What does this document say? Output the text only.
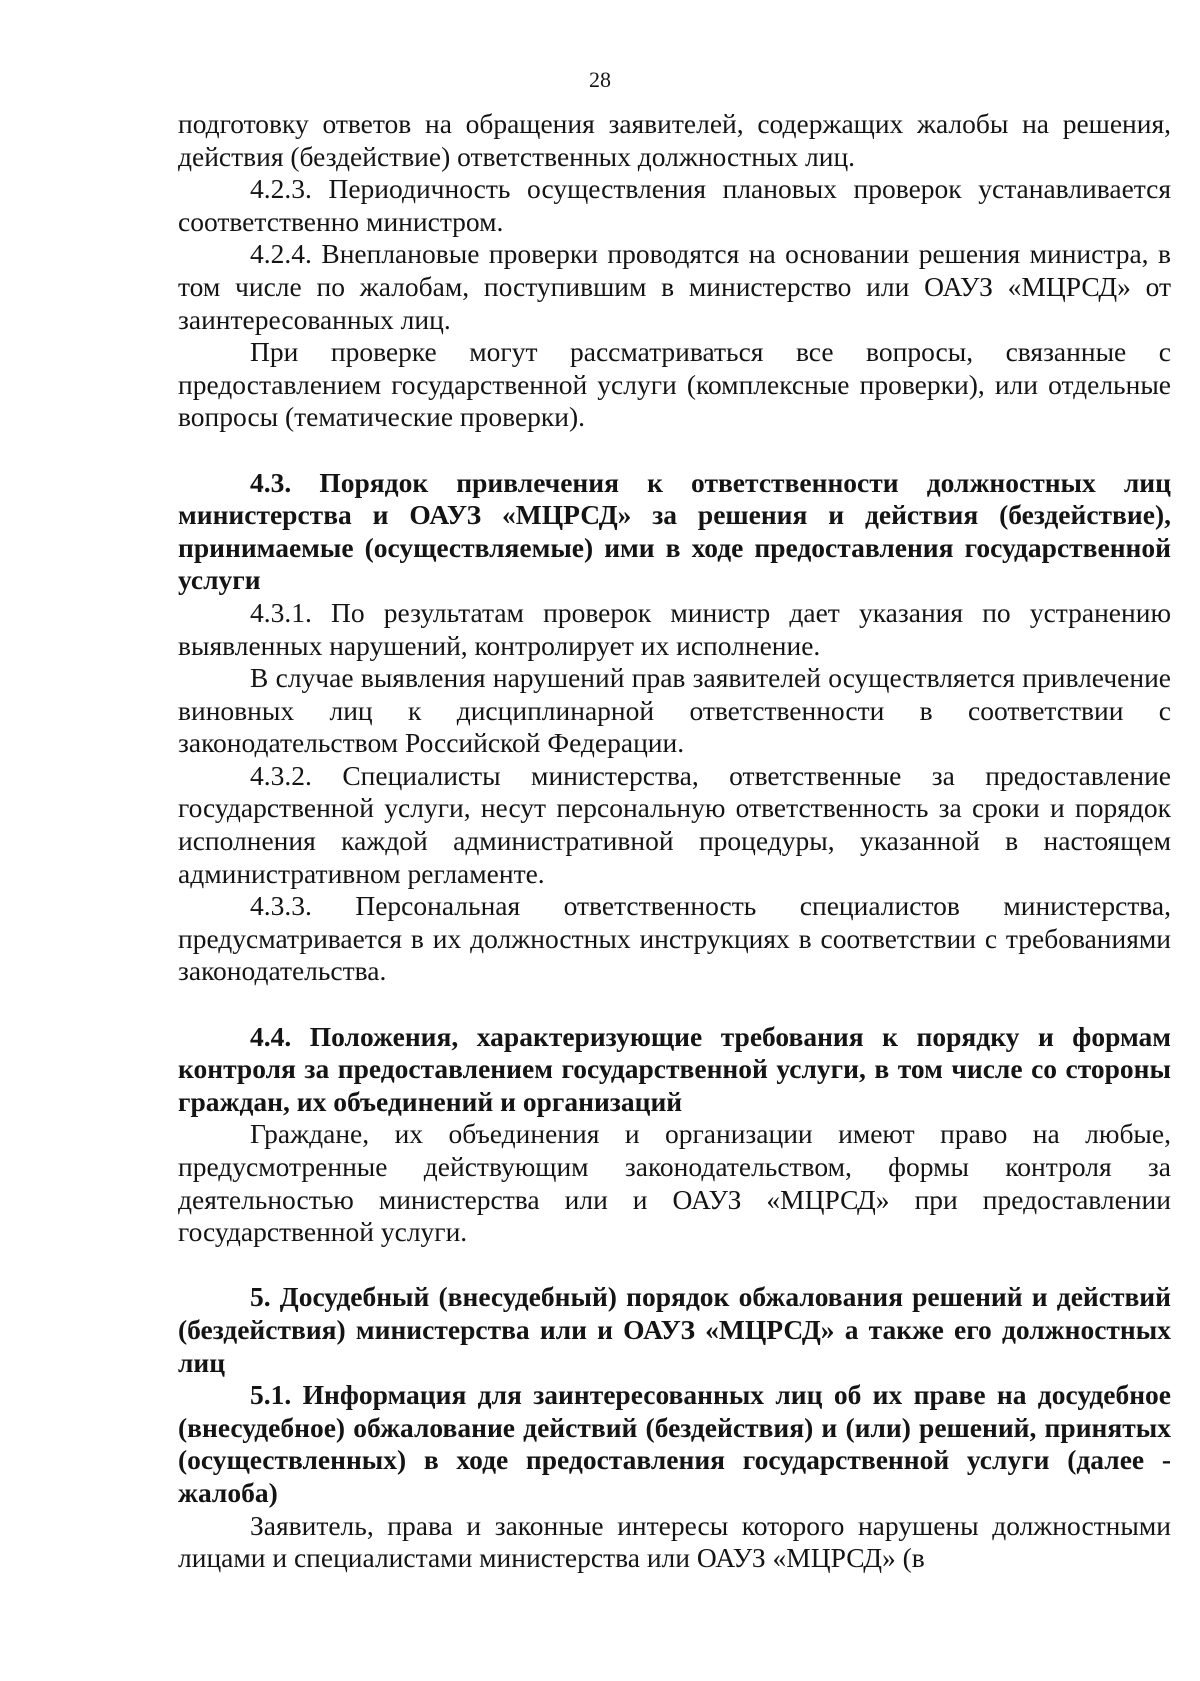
28

подготовку ответов на обращения заявителей, содержащих жалобы на решения, действия (бездействие) ответственных должностных лиц.

4.2.3. Периодичность осуществления плановых проверок устанавливается соответственно министром.

4.2.4. Внеплановые проверки проводятся на основании решения министра, в том числе по жалобам, поступившим в министерство или ОАУЗ «МЦРСД» от заинтересованных лиц.

При проверке могут рассматриваться все вопросы, связанные с предоставлением государственной услуги (комплексные проверки), или отдельные вопросы (тематические проверки).

4.3. Порядок привлечения к ответственности должностных лиц министерства и ОАУЗ «МЦРСД» за решения и действия (бездействие), принимаемые (осуществляемые) ими в ходе предоставления государственной услуги

4.3.1. По результатам проверок министр дает указания по устранению выявленных нарушений, контролирует их исполнение.

В случае выявления нарушений прав заявителей осуществляется привлечение виновных лиц к дисциплинарной ответственности в соответствии с законодательством Российской Федерации.

4.3.2. Специалисты министерства, ответственные за предоставление государственной услуги, несут персональную ответственность за сроки и порядок исполнения каждой административной процедуры, указанной в настоящем административном регламенте.

4.3.3. Персональная ответственность специалистов министерства, предусматривается в их должностных инструкциях в соответствии с требованиями законодательства.

4.4. Положения, характеризующие требования к порядку и формам контроля за предоставлением государственной услуги, в том числе со стороны граждан, их объединений и организаций

Граждане, их объединения и организации имеют право на любые, предусмотренные действующим законодательством, формы контроля за деятельностью министерства или и ОАУЗ «МЦРСД» при предоставлении государственной услуги.

5. Досудебный (внесудебный) порядок обжалования решений и действий (бездействия) министерства или и ОАУЗ «МЦРСД» а также его должностных лиц

5.1. Информация для заинтересованных лиц об их праве на досудебное (внесудебное) обжалование действий (бездействия) и (или) решений, принятых (осуществленных) в ходе предоставления государственной услуги (далее - жалоба)

Заявитель, права и законные интересы которого нарушены должностными лицами и специалистами министерства или ОАУЗ «МЦРСД» (в
